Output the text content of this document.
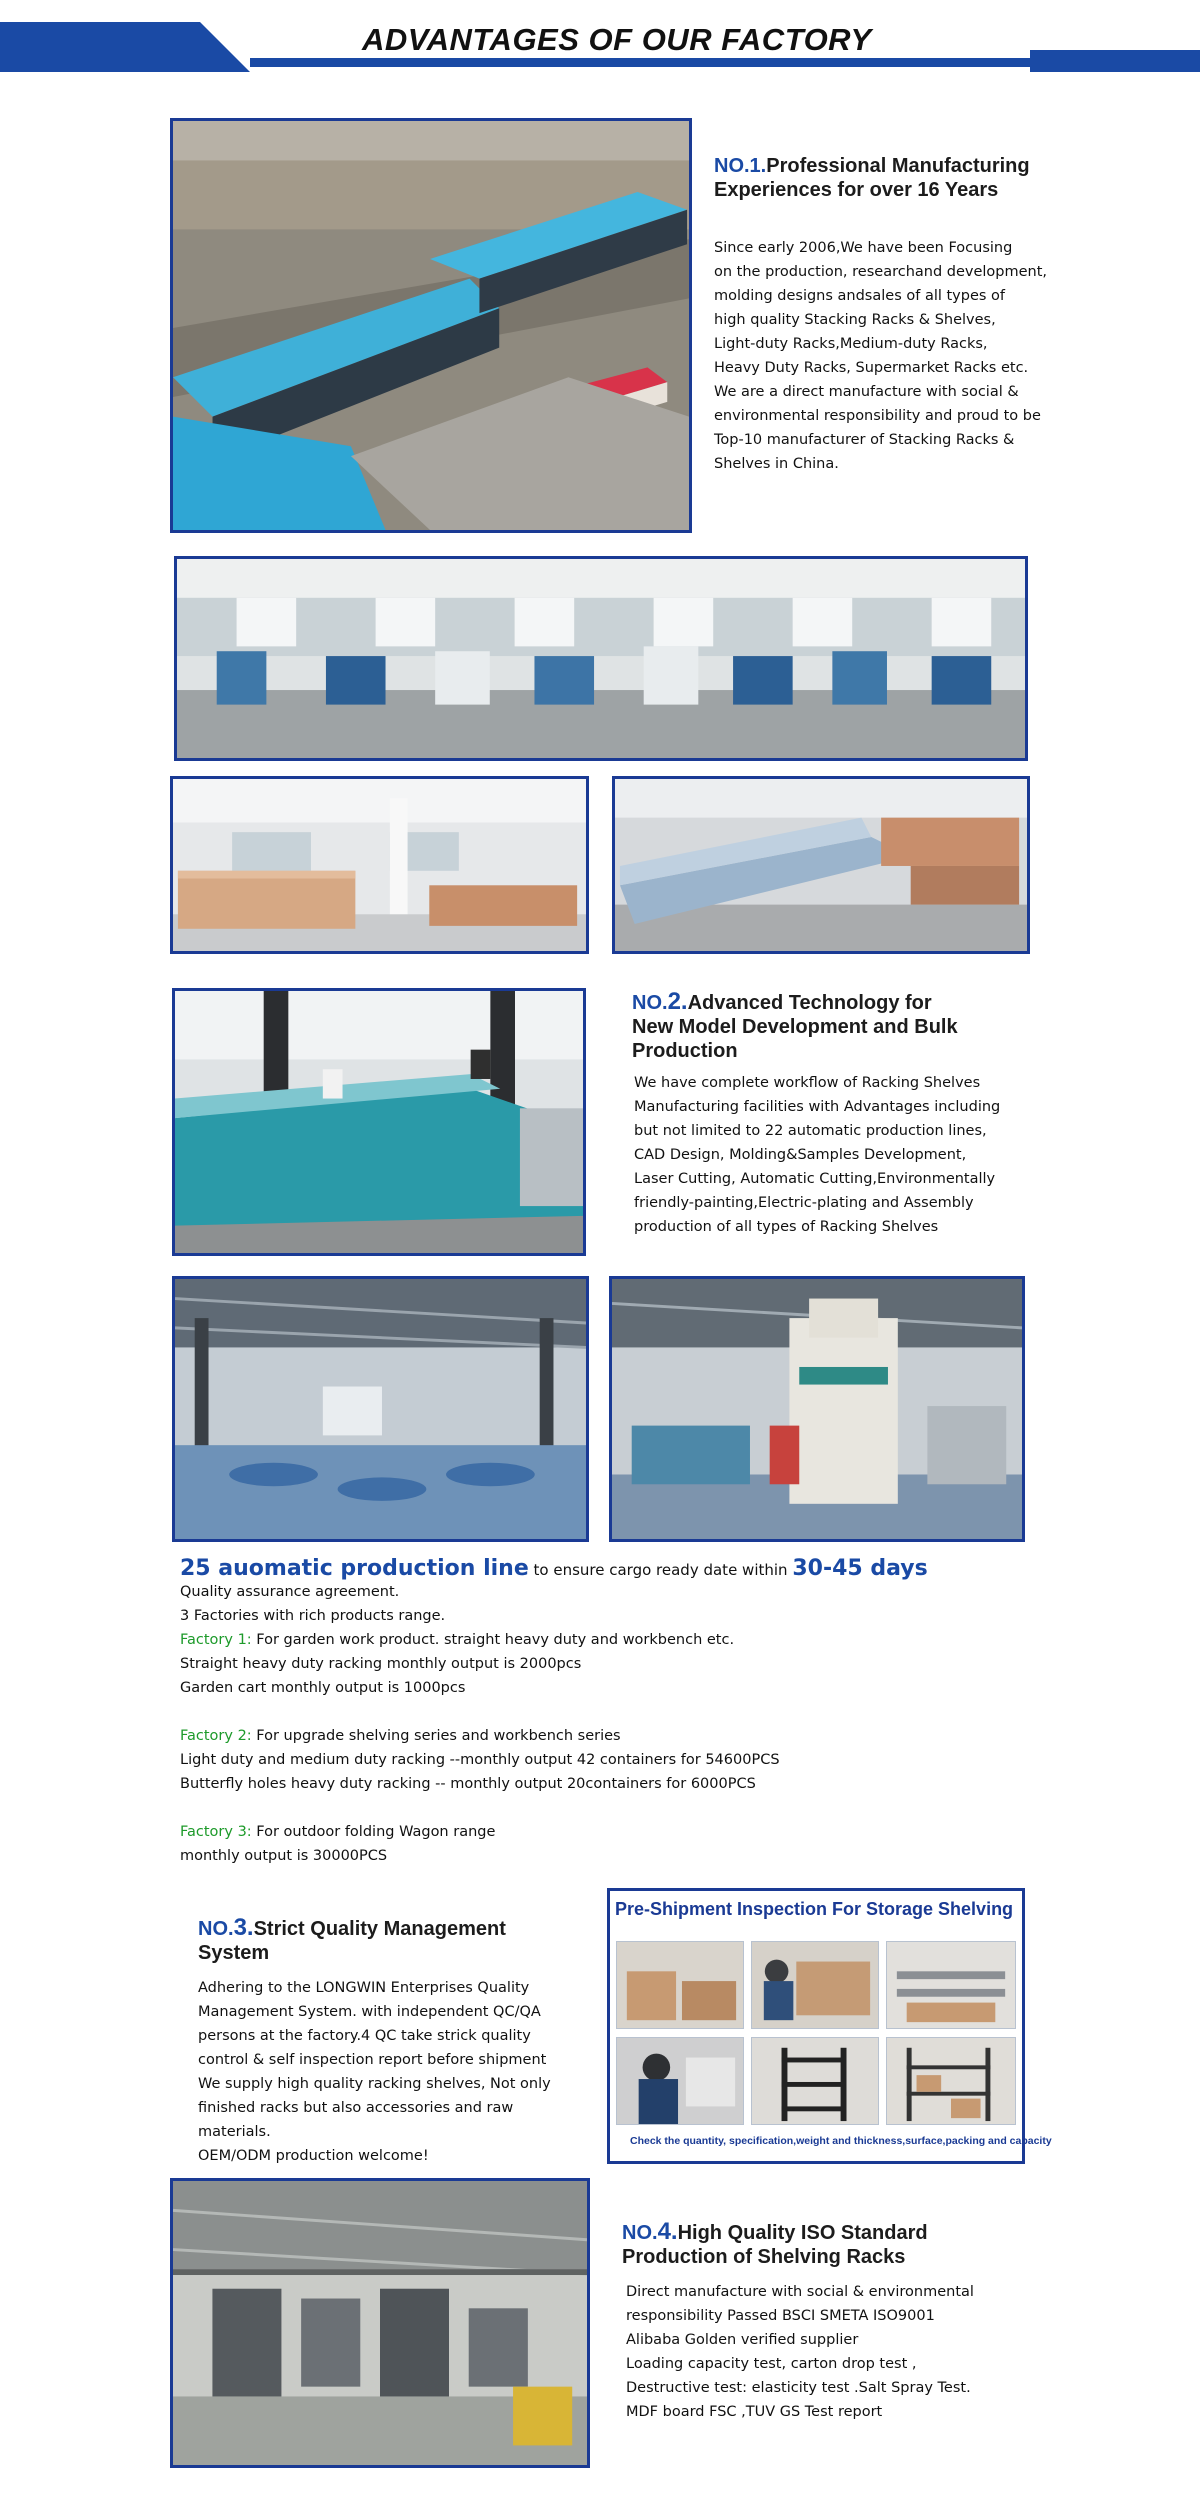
ADVANTAGES OF OUR FACTORY
NO.1.Professional Manufacturing
Experiences for over 16 Years
Since early 2006,We have been Focusing
on the production, researchand development,
molding designs andsales of all types of
high quality Stacking Racks & Shelves,
Light-duty Racks,Medium-duty Racks,
Heavy Duty Racks, Supermarket Racks etc.
We are a direct manufacture with social &
environmental responsibility and proud to be
Top-10 manufacturer of Stacking Racks &
Shelves in China.
NO.2.Advanced Technology for
New Model Development and Bulk
Production
We have complete workflow of Racking Shelves
Manufacturing facilities with Advantages including
but not limited to 22 automatic production lines,
CAD Design, Molding&Samples Development,
Laser Cutting, Automatic Cutting,Environmentally
friendly-painting,Electric-plating and Assembly
production of all types of Racking Shelves
25 auomatic production line to ensure cargo ready date within 30-45 days
Quality assurance agreement.
3 Factories with rich products range.
Factory 1: For garden work product. straight heavy duty and workbench etc.
Straight heavy duty racking monthly output is 2000pcs
Garden cart monthly output is 1000pcs
Factory 2: For upgrade shelving series and workbench series
Light duty and medium duty racking --monthly output 42 containers for 54600PCS
Butterfly holes heavy duty racking -- monthly output 20containers for 6000PCS
Factory 3: For outdoor folding Wagon range
monthly output is 30000PCS
NO.3.Strict Quality Management
System
Adhering to the LONGWIN Enterprises Quality
Management System. with independent QC/QA
persons at the factory.4 QC take strick quality
control & self inspection report before shipment
We supply high quality racking shelves, Not only
finished racks but also accessories and raw
materials.
OEM/ODM production welcome!
Pre-Shipment Inspection For Storage Shelving
Check the quantity, specification,weight and thickness,surface,packing and capacity
NO.4.High Quality ISO Standard
Production of Shelving Racks
Direct manufacture with social & environmental
responsibility Passed BSCI SMETA ISO9001
Alibaba Golden verified supplier
Loading capacity test, carton drop test ,
Destructive test: elasticity test .Salt Spray Test.
MDF board FSC ,TUV GS Test report
